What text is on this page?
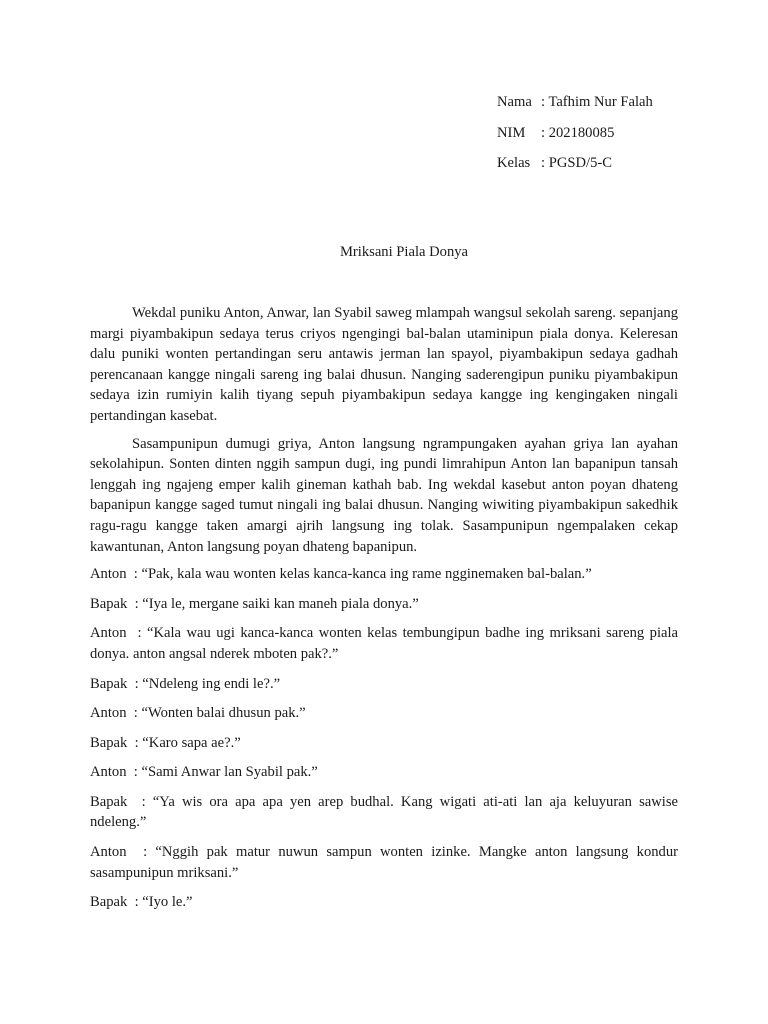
Nama : Tafhim Nur Falah
NIM	: 202180085
Kelas : PGSD/5-C
Mriksani Piala Donya

Wekdal puniku Anton, Anwar, lan Syabil saweg mlampah wangsul sekolah sareng. sepanjang margi piyambakipun sedaya terus criyos ngengingi bal-balan utaminipun piala donya. Keleresan dalu puniki wonten pertandingan seru antawis jerman lan spayol, piyambakipun sedaya gadhah perencanaan kangge ningali sareng ing balai dhusun. Nanging saderengipun puniku piyambakipun sedaya izin rumiyin kalih tiyang sepuh piyambakipun sedaya kangge ing kengingaken ningali pertandingan kasebat.

Sasampunipun dumugi griya, Anton langsung ngrampungaken ayahan griya lan ayahan sekolahipun. Sonten dinten nggih sampun dugi, ing pundi limrahipun Anton lan bapanipun tansah lenggah ing ngajeng emper kalih gineman kathah bab. Ing wekdal kasebut anton poyan dhateng bapanipun kangge saged tumut ningali ing balai dhusun. Nanging wiwiting piyambakipun sakedhik ragu-ragu kangge taken amargi ajrih langsung ing tolak. Sasampunipun ngempalaken cekap kawantunan, Anton langsung poyan dhateng bapanipun.

Anton : “Pak, kala wau wonten kelas kanca-kanca ing rame ngginemaken bal-balan.”

Bapak : “Iya le, mergane saiki kan maneh piala donya.”

Anton : “Kala wau ugi kanca-kanca wonten kelas tembungipun badhe ing mriksani sareng piala donya. anton angsal nderek mboten pak?.”

Bapak : “Ndeleng ing endi le?.”

Anton : “Wonten balai dhusun pak.”

Bapak : “Karo sapa ae?.”

Anton : “Sami Anwar lan Syabil pak.”

Bapak : “Ya wis ora apa apa yen arep budhal. Kang wigati ati-ati lan aja keluyuran sawise ndeleng.”

Anton : “Nggih pak matur nuwun sampun wonten izinke. Mangke anton langsung kondur sasampunipun mriksani.”

Bapak : “Iyo le.”
